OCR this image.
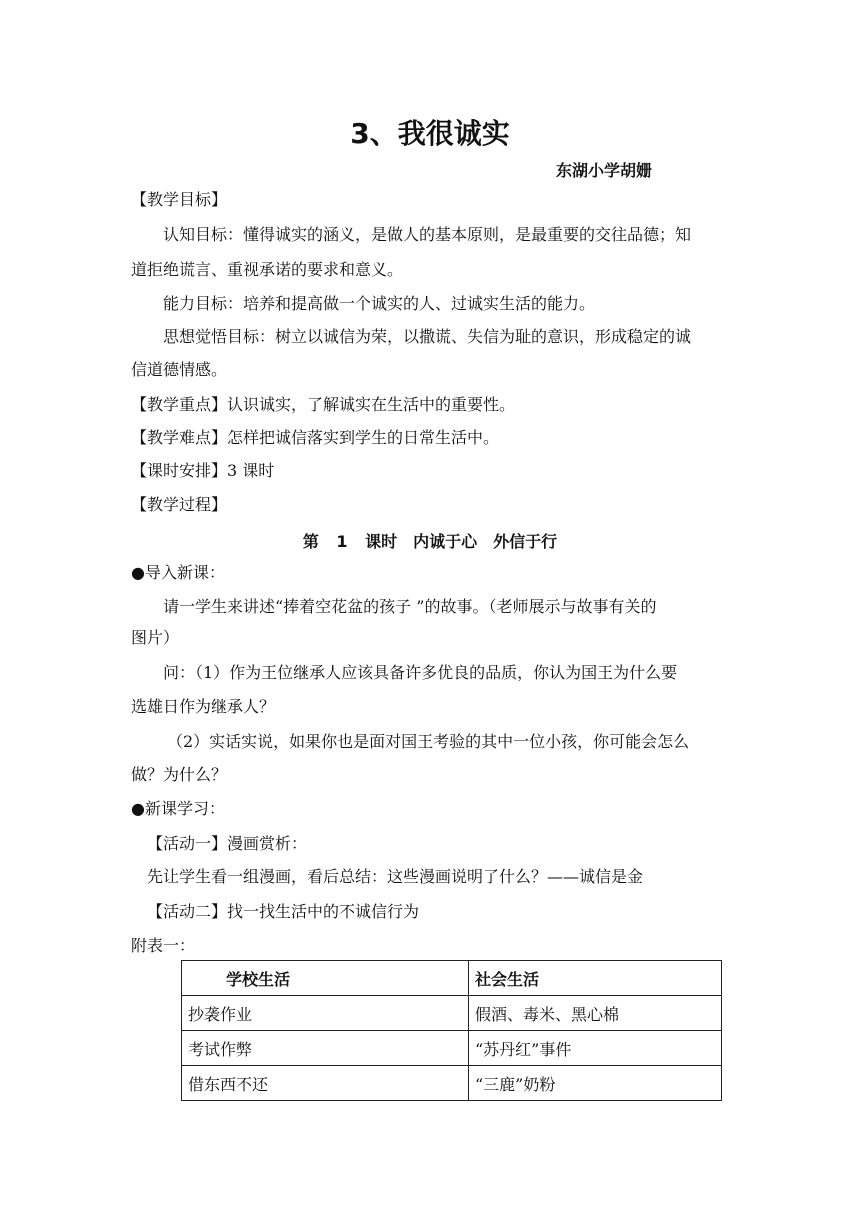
3、我很诚实
东湖小学胡姗
【教学目标】
认知目标：懂得诚实的涵义，是做人的基本原则，是最重要的交往品德；知
道拒绝谎言、重视承诺的要求和意义。
能力目标：培养和提高做一个诚实的人、过诚实生活的能力。
思想觉悟目标：树立以诚信为荣，以撒谎、失信为耻的意识，形成稳定的诚
信道德情感。
【教学重点】认识诚实，了解诚实在生活中的重要性。
【教学难点】怎样把诚信落实到学生的日常生活中。
【课时安排】3 课时
【教学过程】
第 1 课时　内诚于心　外信于行
●导入新课：
请一学生来讲述“捧着空花盆的孩子 ”的故事。（老师展示与故事有关的
图片）
问：（1）作为王位继承人应该具备许多优良的品质，你认为国王为什么要
选雄日作为继承人？
（2）实话实说，如果你也是面对国王考验的其中一位小孩，你可能会怎么
做？为什么？
●新课学习：
【活动一】漫画赏析：
先让学生看一组漫画，看后总结：这些漫画说明了什么？——诚信是金
【活动二】找一找生活中的不诚信行为
附表一：
学校生活	社会生活
抄袭作业	假酒、毒米、黑心棉
考试作弊	“苏丹红”事件
借东西不还	“三鹿”奶粉
